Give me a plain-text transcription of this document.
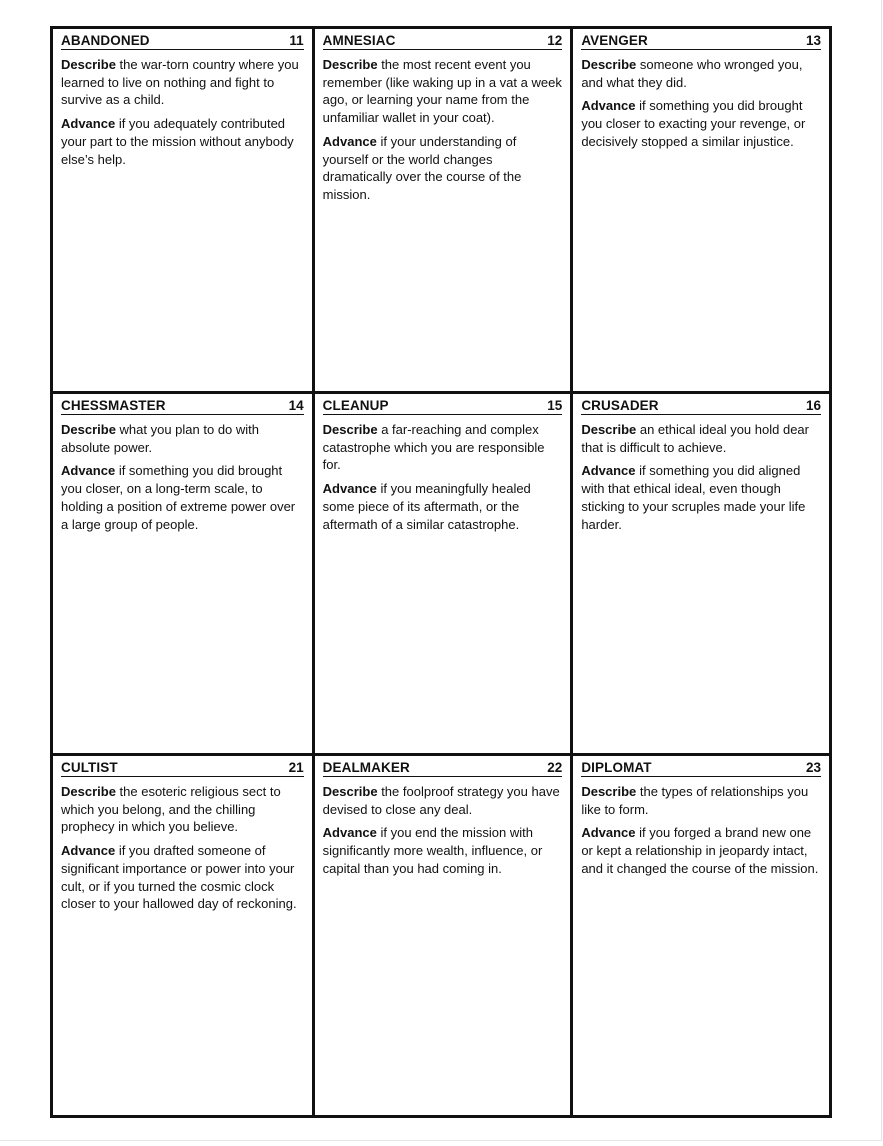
ABANDONED	11

Describe the war-torn country where you learned to live on nothing and fight to survive as a child.

Advance if you adequately contributed your part to the mission without anybody else’s help.

AMNESIAC	12

Describe the most recent event you remember (like waking up in a vat a week ago, or learning your name from the unfamiliar wallet in your coat).

Advance if your understanding of yourself or the world changes dramatically over the course of the mission.

AVENGER	13

Describe someone who wronged you, and what they did.

Advance if something you did brought you closer to exacting your revenge, or decisively stopped a similar injustice.

CHESSMASTER	14

Describe what you plan to do with absolute power.

Advance if something you did brought you closer, on a long-term scale, to holding a position of extreme power over a large group of people.

CLEANUP	15

Describe a far-reaching and complex catastrophe which you are responsible for.

Advance if you meaningfully healed some piece of its aftermath, or the aftermath of a similar catastrophe.

CRUSADER	16

Describe an ethical ideal you hold dear that is difficult to achieve.

Advance if something you did aligned with that ethical ideal, even though sticking to your scruples made your life harder.

CULTIST	21

Describe the esoteric religious sect to which you belong, and the chilling prophecy in which you believe.

Advance if you drafted someone of significant importance or power into your cult, or if you turned the cosmic clock closer to your hallowed day of reckoning.

DEALMAKER	22

Describe the foolproof strategy you have devised to close any deal.

Advance if you end the mission with significantly more wealth, influence, or capital than you had coming in.

DIPLOMAT	23

Describe the types of relationships you like to form.

Advance if you forged a brand new one or kept a relationship in jeopardy intact, and it changed the course of the mission.
